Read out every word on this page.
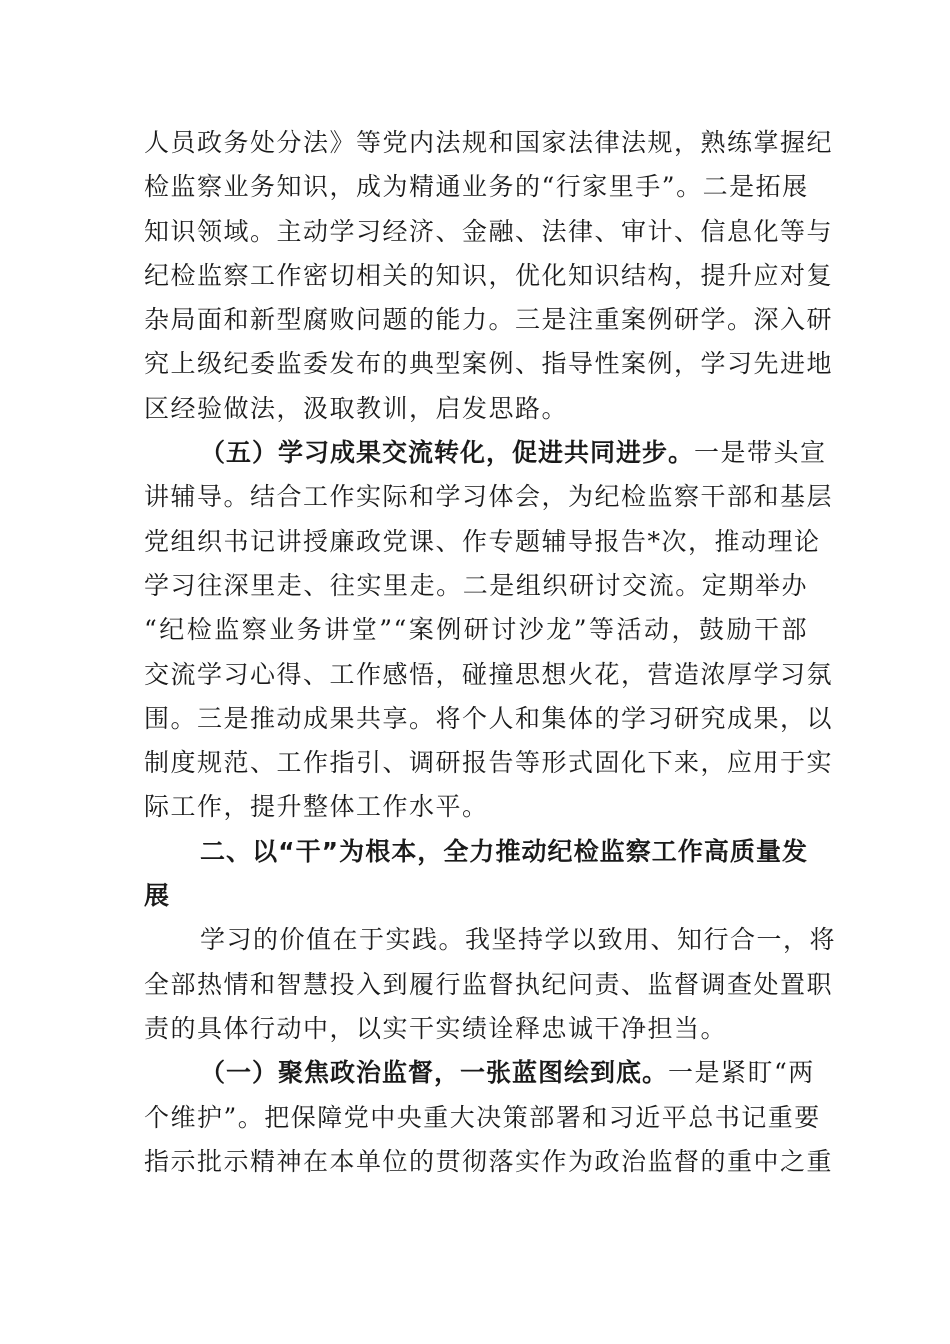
人员政务处分法》等党内法规和国家法律法规，熟练掌握纪
检监察业务知识，成为精通业务的“行家里手”。二是拓展
知识领域。主动学习经济、金融、法律、审计、信息化等与
纪检监察工作密切相关的知识，优化知识结构，提升应对复
杂局面和新型腐败问题的能力。三是注重案例研学。深入研
究上级纪委监委发布的典型案例、指导性案例，学习先进地
区经验做法，汲取教训，启发思路。
（五）学习成果交流转化，促进共同进步。一是带头宣
讲辅导。结合工作实际和学习体会，为纪检监察干部和基层
党组织书记讲授廉政党课、作专题辅导报告*次，推动理论
学习往深里走、往实里走。二是组织研讨交流。定期举办
“纪检监察业务讲堂”“案例研讨沙龙”等活动，鼓励干部
交流学习心得、工作感悟，碰撞思想火花，营造浓厚学习氛
围。三是推动成果共享。将个人和集体的学习研究成果，以
制度规范、工作指引、调研报告等形式固化下来，应用于实
际工作，提升整体工作水平。
二、以“干”为根本，全力推动纪检监察工作高质量发
展
学习的价值在于实践。我坚持学以致用、知行合一，将
全部热情和智慧投入到履行监督执纪问责、监督调查处置职
责的具体行动中，以实干实绩诠释忠诚干净担当。
（一）聚焦政治监督，一张蓝图绘到底。一是紧盯“两
个维护”。把保障党中央重大决策部署和习近平总书记重要
指示批示精神在本单位的贯彻落实作为政治监督的重中之重
